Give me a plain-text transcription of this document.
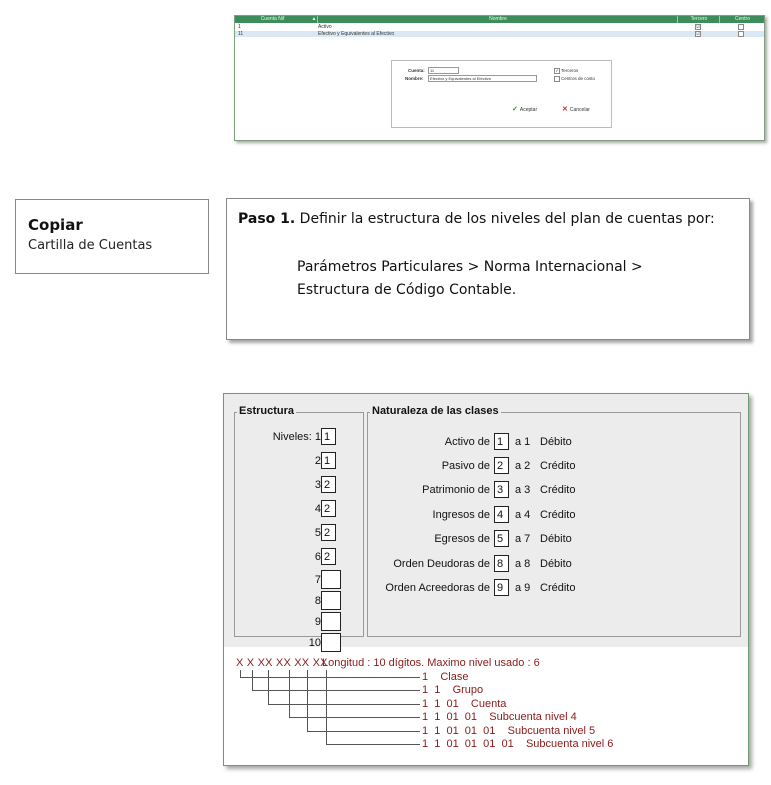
Cuenta Nif	▲	Nombre	Tercero	Centro
1	Activo	☑
11	Efectivo y Equivalentes al Efectivo	☑
Cuenta:	11
Nombre:	Efectivo y Equivalentes al Efectivo
✓ Terceros
Centros de costo
✓ Aceptar	✕ Cancelar
Copiar
Cartilla de Cuentas
Paso 1. Definir la estructura de los niveles del plan de cuentas por:
Parámetros Particulares > Norma Internacional >
Estructura de Código Contable.
Estructura
Niveles: 1 1
2 1
3 2
4 2
5 2
6 2
7
8
9
10
Naturaleza de las clases
Activo de 1	a 1 Débito
Pasivo de 2	a 2 Crédito
Patrimonio de 3	a 3 Crédito
Ingresos de 4	a 4 Crédito
Egresos de 5	a 7 Débito
Orden Deudoras de 8	a 8 Débito
Orden Acreedoras de 9	a 9 Crédito
X X XX XX XX XX
Longitud : 10 dígitos. Maximo nivel usado : 6
1    Clase
1  1    Grupo
1  1  01    Cuenta
1  1  01  01    Subcuenta nivel 4
1  1  01  01  01    Subcuenta nivel 5
1  1  01  01  01  01    Subcuenta nivel 6
